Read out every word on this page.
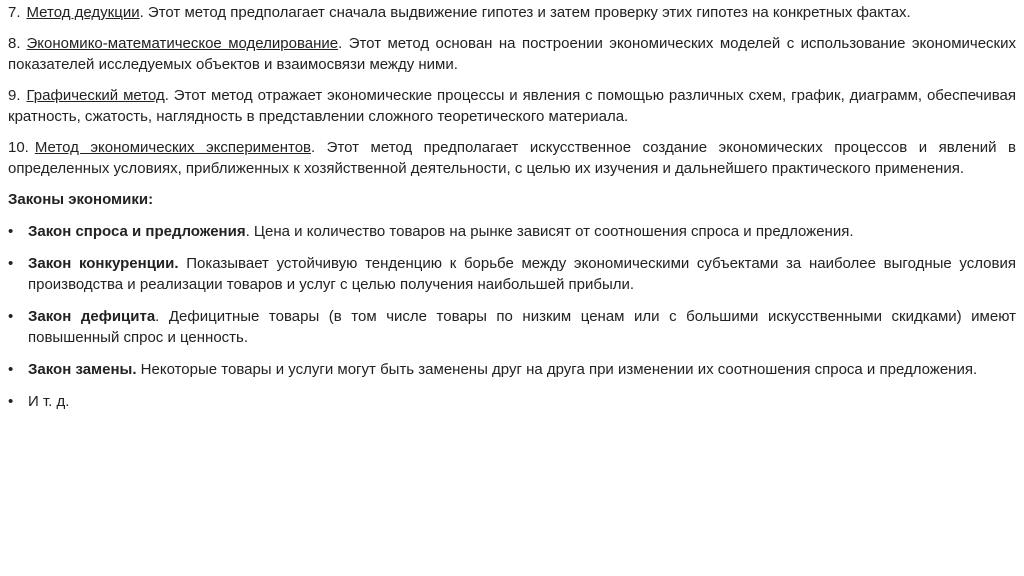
7. Метод дедукции. Этот метод предполагает сначала выдвижение гипотез и затем проверку этих гипотез на конкретных фактах.

8. Экономико-математическое моделирование. Этот метод основан на построении экономических моделей с использование экономических показателей исследуемых объектов и взаимосвязи между ними.

9. Графический метод. Этот метод отражает экономические процессы и явления с помощью различных схем, график, диаграмм, обеспечивая кратность, сжатость, наглядность в представлении сложного теоретического материала.

10. Метод экономических экспериментов. Этот метод предполагает искусственное создание экономических процессов и явлений в определенных условиях, приближенных к хозяйственной деятельности, с целью их изучения и дальнейшего практического применения.

Законы экономики:
• Закон спроса и предложения. Цена и количество товаров на рынке зависят от соотношения спроса и предложения.
• Закон конкуренции. Показывает устойчивую тенденцию к борьбе между экономическими субъектами за наиболее выгодные условия производства и реализации товаров и услуг с целью получения наибольшей прибыли.
• Закон дефицита. Дефицитные товары (в том числе товары по низким ценам или с большими искусственными скидками) имеют повышенный спрос и ценность.
• Закон замены. Некоторые товары и услуги могут быть заменены друг на друга при изменении их соотношения спроса и предложения.
• И т. д.
